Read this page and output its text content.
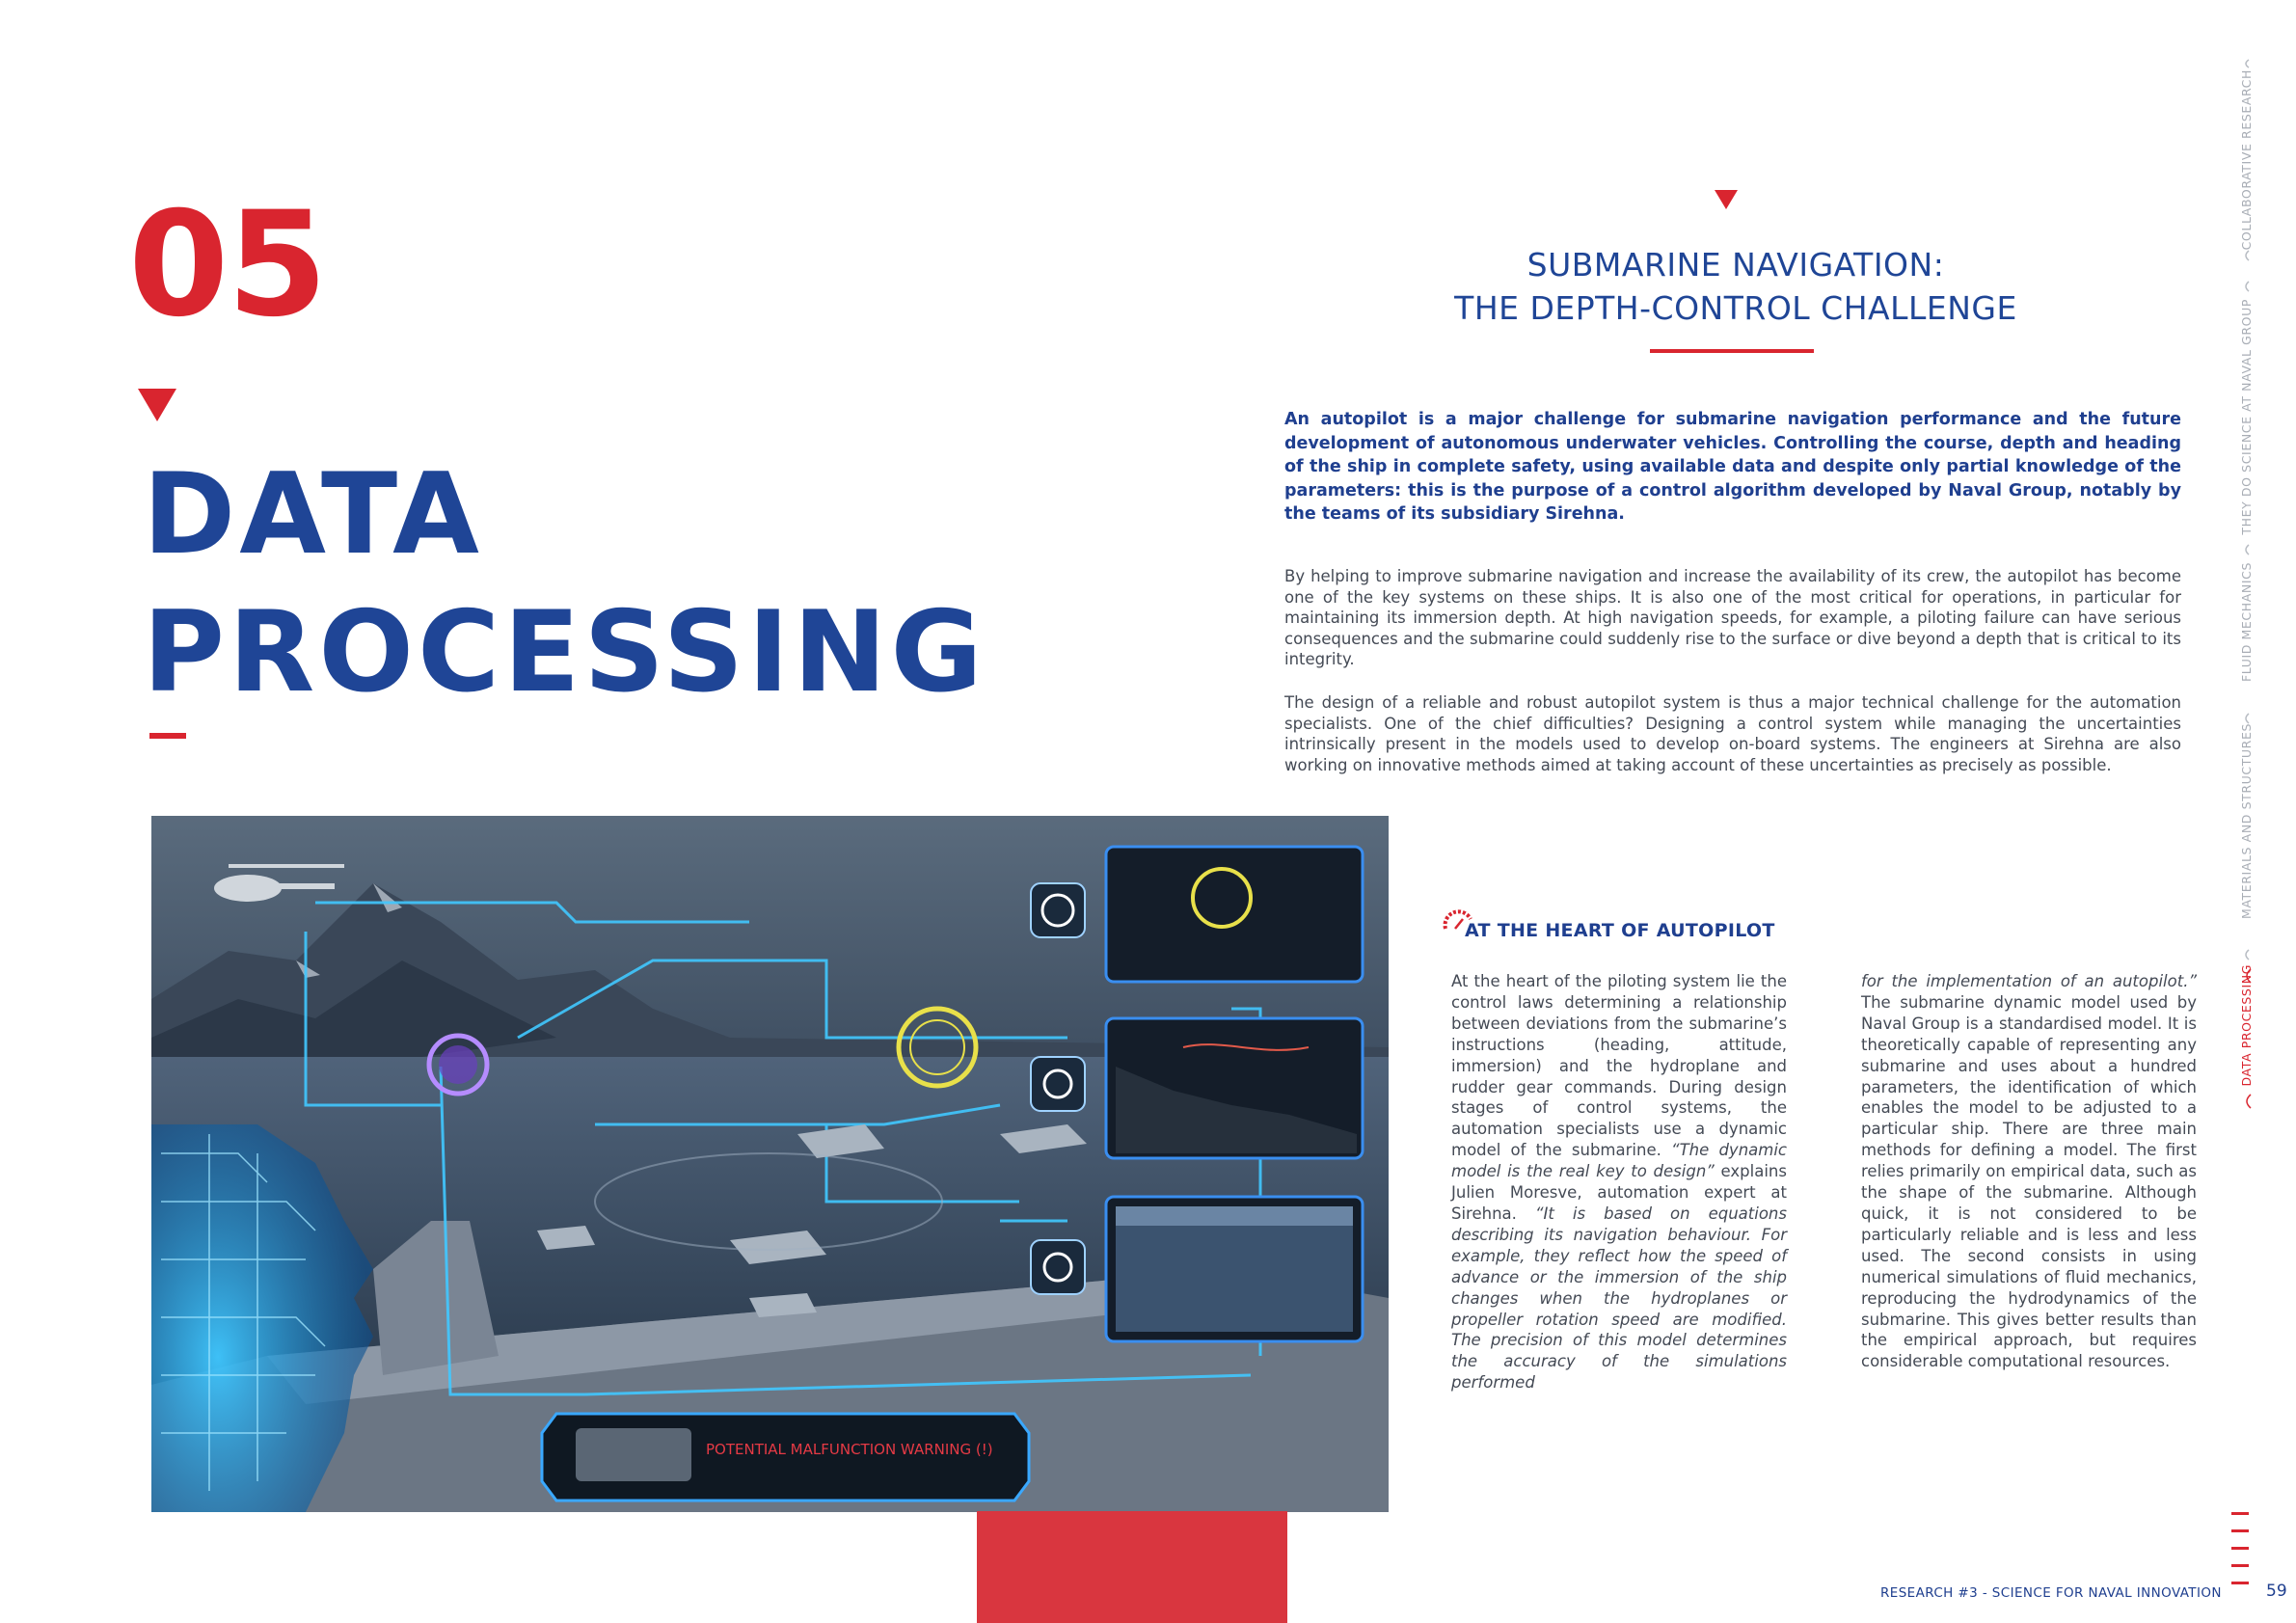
05
DATA
PROCESSING
SUBMARINE NAVIGATION:
THE DEPTH-CONTROL CHALLENGE
An autopilot is a major challenge for submarine navigation performance and the future development of autonomous underwater vehicles. Controlling the course, depth and heading of the ship in complete safety, using available data and despite only partial knowledge of the parameters: this is the purpose of a control algorithm developed by Naval Group, notably by the teams of its subsidiary Sirehna.
By helping to improve submarine navigation and increase the availability of its crew, the autopilot has become one of the key systems on these ships. It is also one of the most critical for operations, in particular for maintaining its immersion depth. At high navigation speeds, for example, a piloting failure can have serious consequences and the submarine could suddenly rise to the surface or dive beyond a depth that is critical to its integrity.
The design of a reliable and robust autopilot system is thus a major technical challenge for the automation specialists. One of the chief difficulties? Designing a control system while managing the uncertainties intrinsically present in the models used to develop on-board systems. The engineers at Sirehna are also working on innovative methods aimed at taking account of these uncertainties as precisely as possible.
POTENTIAL MALFUNCTION WARNING (!)
AT THE HEART OF AUTOPILOT
At the heart of the piloting system lie the control laws determining a relationship between deviations from the submarine’s instructions (heading, attitude, immersion) and the hydroplane and rudder gear commands. During design stages of control systems, the automation specialists use a dynamic model of the submarine. “The dynamic model is the real key to design” explains Julien Moresve, automation expert at Sirehna. “It is based on equations describing its navigation behaviour. For example, they reflect how the speed of advance or the immersion of the ship changes when the hydroplanes or propeller rotation speed are modified. The precision of this model determines the accuracy of the simulations performed
for the implementation of an autopilot.” The submarine dynamic model used by Naval Group is a standardised model. It is theoretically capable of representing any submarine and uses about a hundred parameters, the identification of which enables the model to be adjusted to a particular ship. There are three main methods for defining a model. The first relies primarily on empirical data, such as the shape of the submarine. Although quick, it is not considered to be particularly reliable and is less and less used. The second consists in using numerical simulations of fluid mechanics, reproducing the hydrodynamics of the submarine. This gives better results than the empirical approach, but requires considerable computational resources.
COLLABORATIVE RESEARCH
THEY DO SCIENCE AT NAVAL GROUP
FLUID MECHANICS
MATERIALS AND STRUCTURES
DATA PROCESSING
RESEARCH #3 - SCIENCE FOR NAVAL INNOVATION	59
